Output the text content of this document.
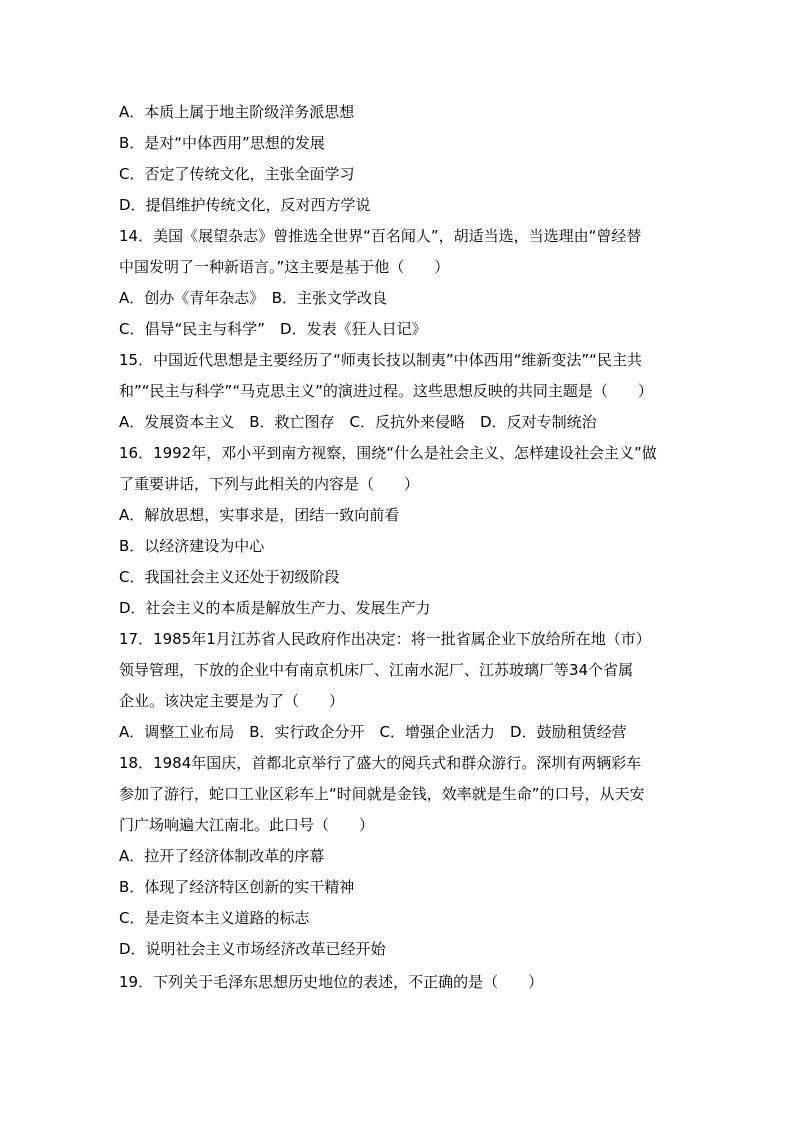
A．本质上属于地主阶级洋务派思想
B．是对“中体西用”思想的发展
C．否定了传统文化，主张全面学习
D．提倡维护传统文化，反对西方学说
14．美国《展望杂志》曾推选全世界“百名闻人”，胡适当选，当选理由“曾经替
中国发明了一种新语言。”这主要是基于他（　　）
A．创办《青年杂志》　B．主张文学改良
C．倡导“民主与科学”　D．发表《狂人日记》
15．中国近代思想是主要经历了“师夷长技以制夷”中体西用“维新变法”“民主共
和”“民主与科学”“马克思主义”的演进过程。这些思想反映的共同主题是（　　）
A．发展资本主义　B．救亡图存　C．反抗外来侵略　D．反对专制统治
16．1992年，邓小平到南方视察，围绕“什么是社会主义、怎样建设社会主义”做
了重要讲话，下列与此相关的内容是（　　）
A．解放思想，实事求是，团结一致向前看
B．以经济建设为中心
C．我国社会主义还处于初级阶段
D．社会主义的本质是解放生产力、发展生产力
17．1985年1月江苏省人民政府作出决定：将一批省属企业下放给所在地（市）
领导管理，下放的企业中有南京机床厂、江南水泥厂、江苏玻璃厂等34个省属
企业。该决定主要是为了（　　）
A．调整工业布局　B．实行政企分开　C．增强企业活力　D．鼓励租赁经营
18．1984年国庆，首都北京举行了盛大的阅兵式和群众游行。深圳有两辆彩车
参加了游行，蛇口工业区彩车上“时间就是金钱，效率就是生命”的口号，从天安
门广场响遍大江南北。此口号（　　）
A．拉开了经济体制改革的序幕
B．体现了经济特区创新的实干精神
C．是走资本主义道路的标志
D．说明社会主义市场经济改革已经开始
19．下列关于毛泽东思想历史地位的表述，不正确的是（　　）
